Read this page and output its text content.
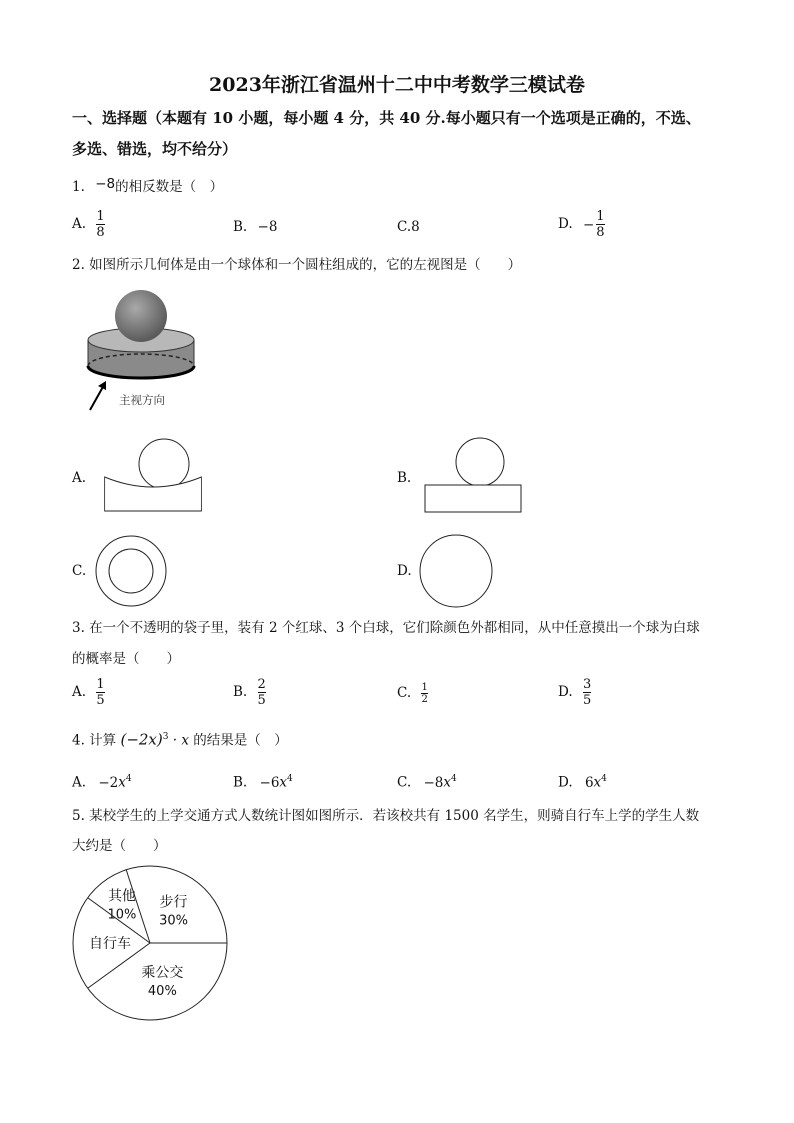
2023年浙江省温州十二中中考数学三模试卷
一、选择题（本题有 10 小题，每小题 4 分，共 40 分.每小题只有一个选项是正确的，不选、
多选、错选，均不给分）
1. −8的相反数是（　）
A. $\frac{1}{8}$	B. −8	C.8	D. − $\frac{1}{8}$
2. 如图所示几何体是由一个球体和一个圆柱组成的，它的左视图是（　　）
主视方向
A.	B.
C.	D.
3. 在一个不透明的袋子里，装有 2 个红球、3 个白球，它们除颜色外都相同，从中任意摸出一个球为白球
的概率是（　　）
A. $\frac{1}{5}$	B. $\frac{2}{5}$	C. $\frac{1}{2}$	D. $\frac{3}{5}$
4. 计算 $(-2x)^3 \cdot x$ 的结果是（　）
A. $-2x^4$	B. $-6x^4$	C. $-8x^4$	D. $6x^4$
5. 某校学生的上学交通方式人数统计图如图所示．若该校共有 1500 名学生，则骑自行车上学的学生人数
大约是（　　）
步行
30%
其他
10%
自行车
乘公交
40%
